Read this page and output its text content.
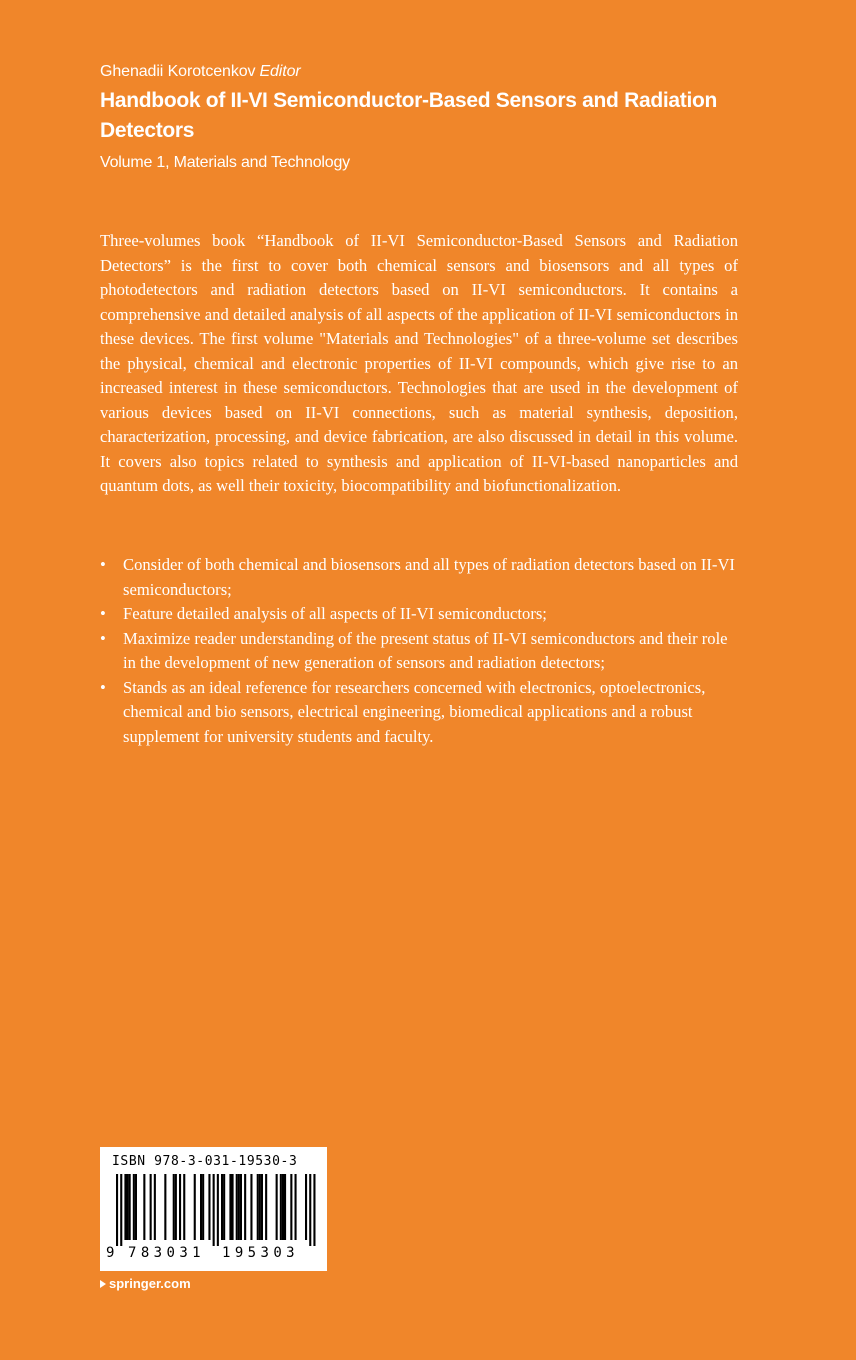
Ghenadii Korotcenkov Editor

Handbook of II-VI Semiconductor-Based Sensors and Radiation Detectors

Volume 1, Materials and Technology

Three-volumes book “Handbook of II-VI Semiconductor-Based Sensors and Radiation Detectors” is the first to cover both chemical sensors and biosensors and all types of photodetectors and radiation detectors based on II-VI semiconductors. It contains a comprehensive and detailed analysis of all aspects of the application of II-VI semiconductors in these devices. The first volume "Materials and Technologies" of a three-volume set describes the physical, chemical and electronic properties of II-VI compounds, which give rise to an increased interest in these semiconductors. Technologies that are used in the development of various devices based on II-VI connections, such as material synthesis, deposition, characterization, processing, and device fabrication, are also discussed in detail in this volume. It covers also topics related to synthesis and application of II-VI-based nanoparticles and quantum dots, as well their toxicity, biocompatibility and biofunctionalization.

• Consider of both chemical and biosensors and all types of radiation detectors based on II-VI semiconductors;
• Feature detailed analysis of all aspects of II-VI semiconductors;
• Maximize reader understanding of the present status of II-VI semiconductors and their role in the development of new generation of sensors and radiation detectors;
• Stands as an ideal reference for researchers concerned with electronics, optoelectronics, chemical and bio sensors, electrical engineering, biomedical applications and a robust supplement for university students and faculty.
ISBN 978-3-031-19530-3
9 783031 195303
springer.com
